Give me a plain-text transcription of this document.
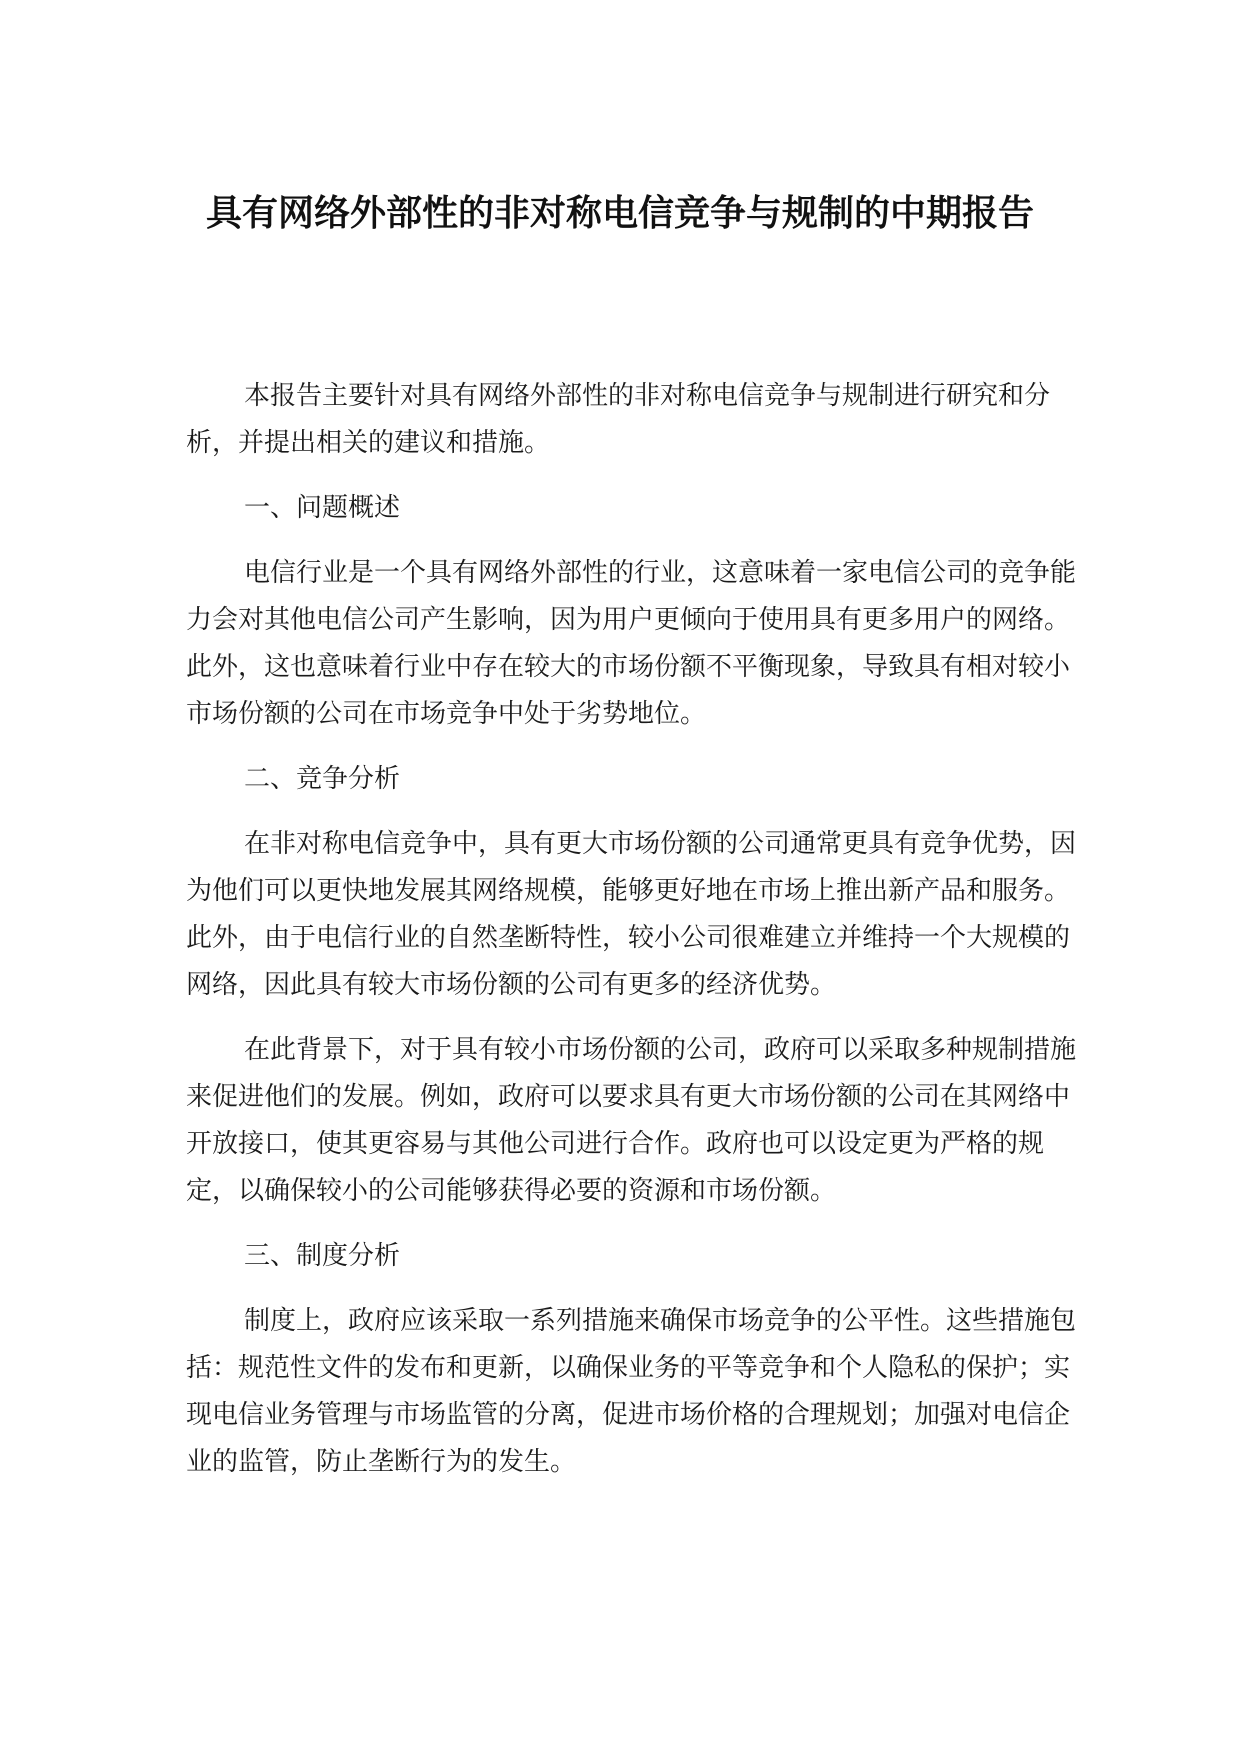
具有网络外部性的非对称电信竞争与规制的中期报告

本报告主要针对具有网络外部性的非对称电信竞争与规制进行研究和分析，并提出相关的建议和措施。

一、问题概述

电信行业是一个具有网络外部性的行业，这意味着一家电信公司的竞争能力会对其他电信公司产生影响，因为用户更倾向于使用具有更多用户的网络。此外，这也意味着行业中存在较大的市场份额不平衡现象，导致具有相对较小市场份额的公司在市场竞争中处于劣势地位。

二、竞争分析

在非对称电信竞争中，具有更大市场份额的公司通常更具有竞争优势，因为他们可以更快地发展其网络规模，能够更好地在市场上推出新产品和服务。此外，由于电信行业的自然垄断特性，较小公司很难建立并维持一个大规模的网络，因此具有较大市场份额的公司有更多的经济优势。

在此背景下，对于具有较小市场份额的公司，政府可以采取多种规制措施来促进他们的发展。例如，政府可以要求具有更大市场份额的公司在其网络中开放接口，使其更容易与其他公司进行合作。政府也可以设定更为严格的规定，以确保较小的公司能够获得必要的资源和市场份额。

三、制度分析

制度上，政府应该采取一系列措施来确保市场竞争的公平性。这些措施包括：规范性文件的发布和更新，以确保业务的平等竞争和个人隐私的保护；实现电信业务管理与市场监管的分离，促进市场价格的合理规划；加强对电信企业的监管，防止垄断行为的发生。
